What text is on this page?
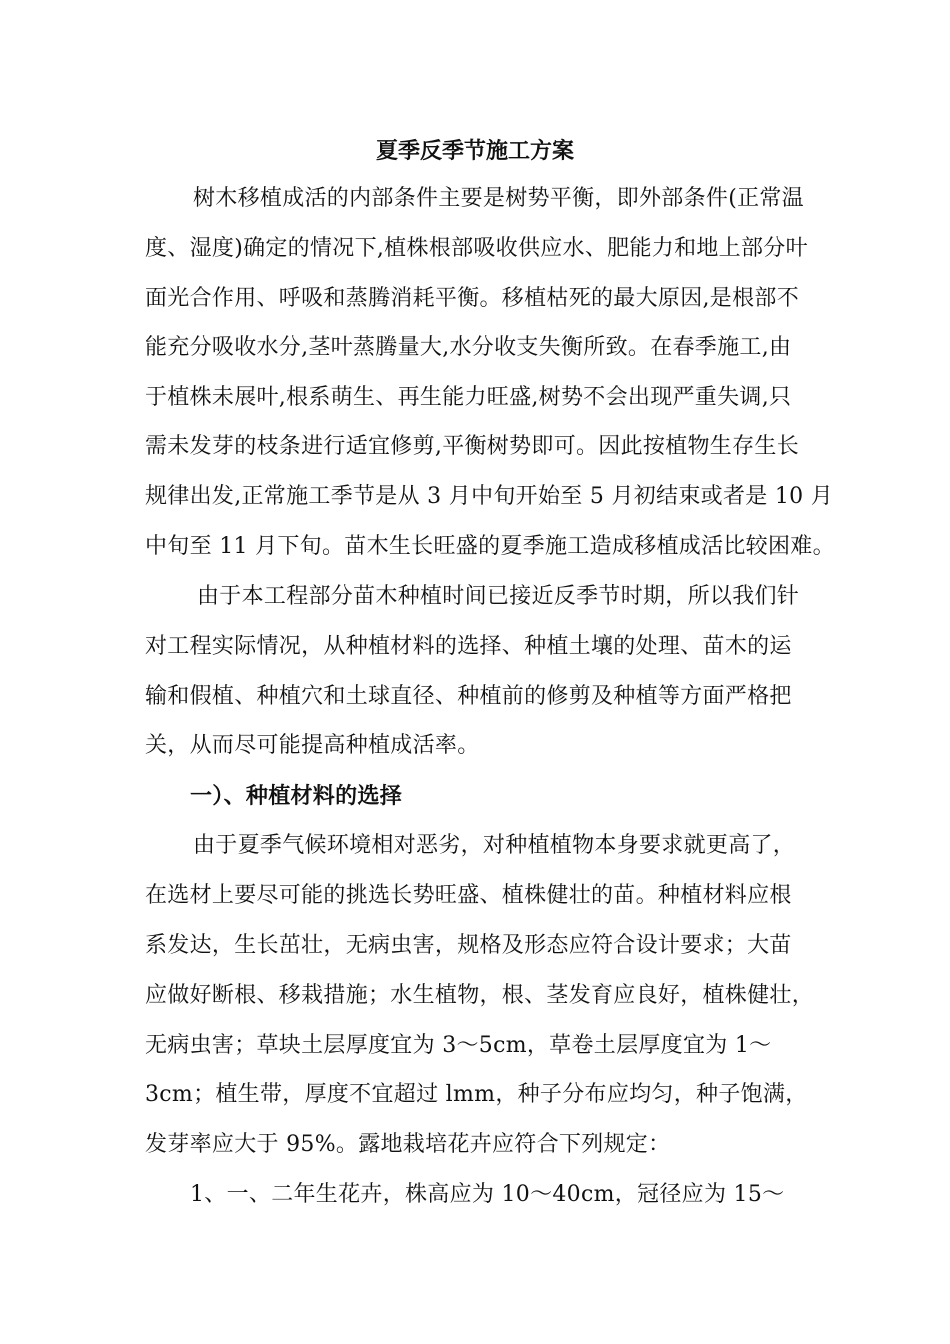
夏季反季节施工方案
树木移植成活的内部条件主要是树势平衡，即外部条件(正常温
度、湿度)确定的情况下,植株根部吸收供应水、肥能力和地上部分叶
面光合作用、呼吸和蒸腾消耗平衡。移植枯死的最大原因,是根部不
能充分吸收水分,茎叶蒸腾量大,水分收支失衡所致。在春季施工,由
于植株未展叶,根系萌生、再生能力旺盛,树势不会出现严重失调,只
需未发芽的枝条进行适宜修剪,平衡树势即可。因此按植物生存生长
规律出发,正常施工季节是从 3 月中旬开始至 5 月初结束或者是 10 月
中旬至 11 月下旬。苗木生长旺盛的夏季施工造成移植成活比较困难。
由于本工程部分苗木种植时间已接近反季节时期，所以我们针
对工程实际情况，从种植材料的选择、种植土壤的处理、苗木的运
输和假植、种植穴和土球直径、种植前的修剪及种植等方面严格把
关，从而尽可能提高种植成活率。
一）、种植材料的选择
由于夏季气候环境相对恶劣，对种植植物本身要求就更高了，
在选材上要尽可能的挑选长势旺盛、植株健壮的苗。种植材料应根
系发达，生长茁壮，无病虫害，规格及形态应符合设计要求；大苗
应做好断根、移栽措施；水生植物，根、茎发育应良好，植株健壮，
无病虫害；草块土层厚度宜为 3～5cm，草卷土层厚度宜为 1～
3cm；植生带，厚度不宜超过 lmm，种子分布应均匀，种子饱满，
发芽率应大于 95%。露地栽培花卉应符合下列规定：
1、一、二年生花卉，株高应为 10～40cm，冠径应为 15～
